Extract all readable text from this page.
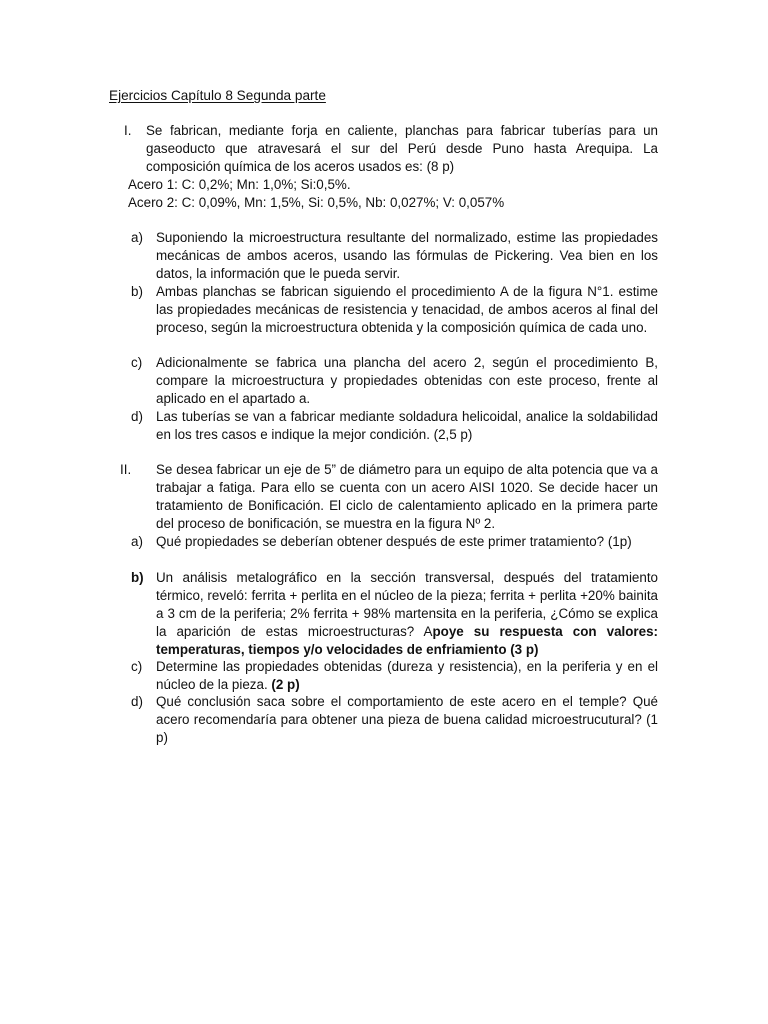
Ejercicios Capítulo 8 Segunda parte
I. Se fabrican, mediante forja en caliente, planchas para fabricar tuberías para un gaseoducto que atravesará el sur del Perú desde Puno hasta Arequipa. La composición química de los aceros usados es: (8 p)
Acero 1: C: 0,2%; Mn: 1,0%; Si:0,5%.
Acero 2: C: 0,09%, Mn: 1,5%, Si: 0,5%, Nb: 0,027%; V: 0,057%
a) Suponiendo la microestructura resultante del normalizado, estime las propiedades mecánicas de ambos aceros, usando las fórmulas de Pickering. Vea bien en los datos, la información que le pueda servir.
b) Ambas planchas se fabrican siguiendo el procedimiento A de la figura N°1. estime las propiedades mecánicas de resistencia y tenacidad, de ambos aceros al final del proceso, según la microestructura obtenida y la composición química de cada uno.
c) Adicionalmente se fabrica una plancha del acero 2, según el procedimiento B, compare la microestructura y propiedades obtenidas con este proceso, frente al aplicado en el apartado a.
d) Las tuberías se van a fabricar mediante soldadura helicoidal, analice la soldabilidad en los tres casos e indique la mejor condición. (2,5 p)
II. Se desea fabricar un eje de 5” de diámetro para un equipo de alta potencia que va a trabajar a fatiga. Para ello se cuenta con un acero AISI 1020. Se decide hacer un tratamiento de Bonificación. El ciclo de calentamiento aplicado en la primera parte del proceso de bonificación, se muestra en la figura Nº 2.
a) Qué propiedades se deberían obtener después de este primer tratamiento? (1p)
b) Un análisis metalográfico en la sección transversal, después del tratamiento térmico, reveló: ferrita + perlita en el núcleo de la pieza; ferrita + perlita +20% bainita a 3 cm de la periferia; 2% ferrita + 98% martensita en la periferia, ¿Cómo se explica la aparición de estas microestructuras? Apoye su respuesta con valores: temperaturas, tiempos y/o velocidades de enfriamiento (3 p)
c) Determine las propiedades obtenidas (dureza y resistencia), en la periferia y en el núcleo de la pieza. (2 p)
d) Qué conclusión saca sobre el comportamiento de este acero en el temple? Qué acero recomendaría para obtener una pieza de buena calidad microestrucutural? (1 p)
